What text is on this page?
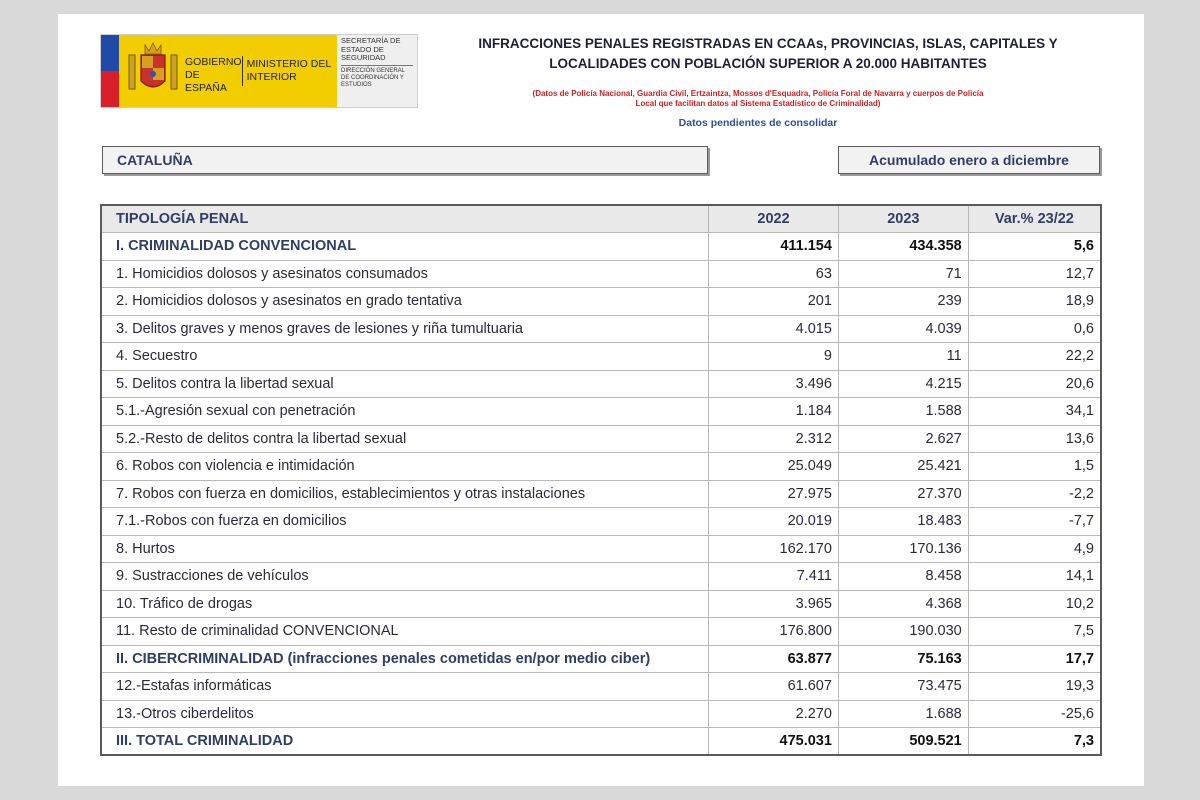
GOBIERNO DE ESPAÑA
MINISTERIO DEL INTERIOR
SECRETARÍA DE ESTADO DE SEGURIDAD
DIRECCIÓN GENERAL DE COORDINACIÓN Y ESTUDIOS
INFRACCIONES PENALES REGISTRADAS EN CCAAs, PROVINCIAS, ISLAS, CAPITALES Y
LOCALIDADES CON POBLACIÓN SUPERIOR A 20.000 HABITANTES
(Datos de Policía Nacional, Guardia Civil, Ertzaintza, Mossos d'Esquadra, Policía Foral de Navarra y cuerpos de Policía
Local que facilitan datos al Sistema Estadístico de Criminalidad)
Datos pendientes de consolidar
CATALUÑA	Acumulado enero a diciembre
TIPOLOGÍA PENAL	2022	2023	Var.% 23/22
I. CRIMINALIDAD CONVENCIONAL	411.154	434.358	5,6
1. Homicidios dolosos y asesinatos consumados	63	71	12,7
2. Homicidios dolosos y asesinatos en grado tentativa	201	239	18,9
3. Delitos graves y menos graves de lesiones y riña tumultuaria	4.015	4.039	0,6
4. Secuestro	9	11	22,2
5. Delitos contra la libertad sexual	3.496	4.215	20,6
5.1.-Agresión sexual con penetración	1.184	1.588	34,1
5.2.-Resto de delitos contra la libertad sexual	2.312	2.627	13,6
6. Robos con violencia e intimidación	25.049	25.421	1,5
7. Robos con fuerza en domicilios, establecimientos y otras instalaciones	27.975	27.370	-2,2
7.1.-Robos con fuerza en domicilios	20.019	18.483	-7,7
8. Hurtos	162.170	170.136	4,9
9. Sustracciones de vehículos	7.411	8.458	14,1
10. Tráfico de drogas	3.965	4.368	10,2
11. Resto de criminalidad CONVENCIONAL	176.800	190.030	7,5
II. CIBERCRIMINALIDAD (infracciones penales cometidas en/por medio ciber)	63.877	75.163	17,7
12.-Estafas informáticas	61.607	73.475	19,3
13.-Otros ciberdelitos	2.270	1.688	-25,6
III. TOTAL CRIMINALIDAD	475.031	509.521	7,3
